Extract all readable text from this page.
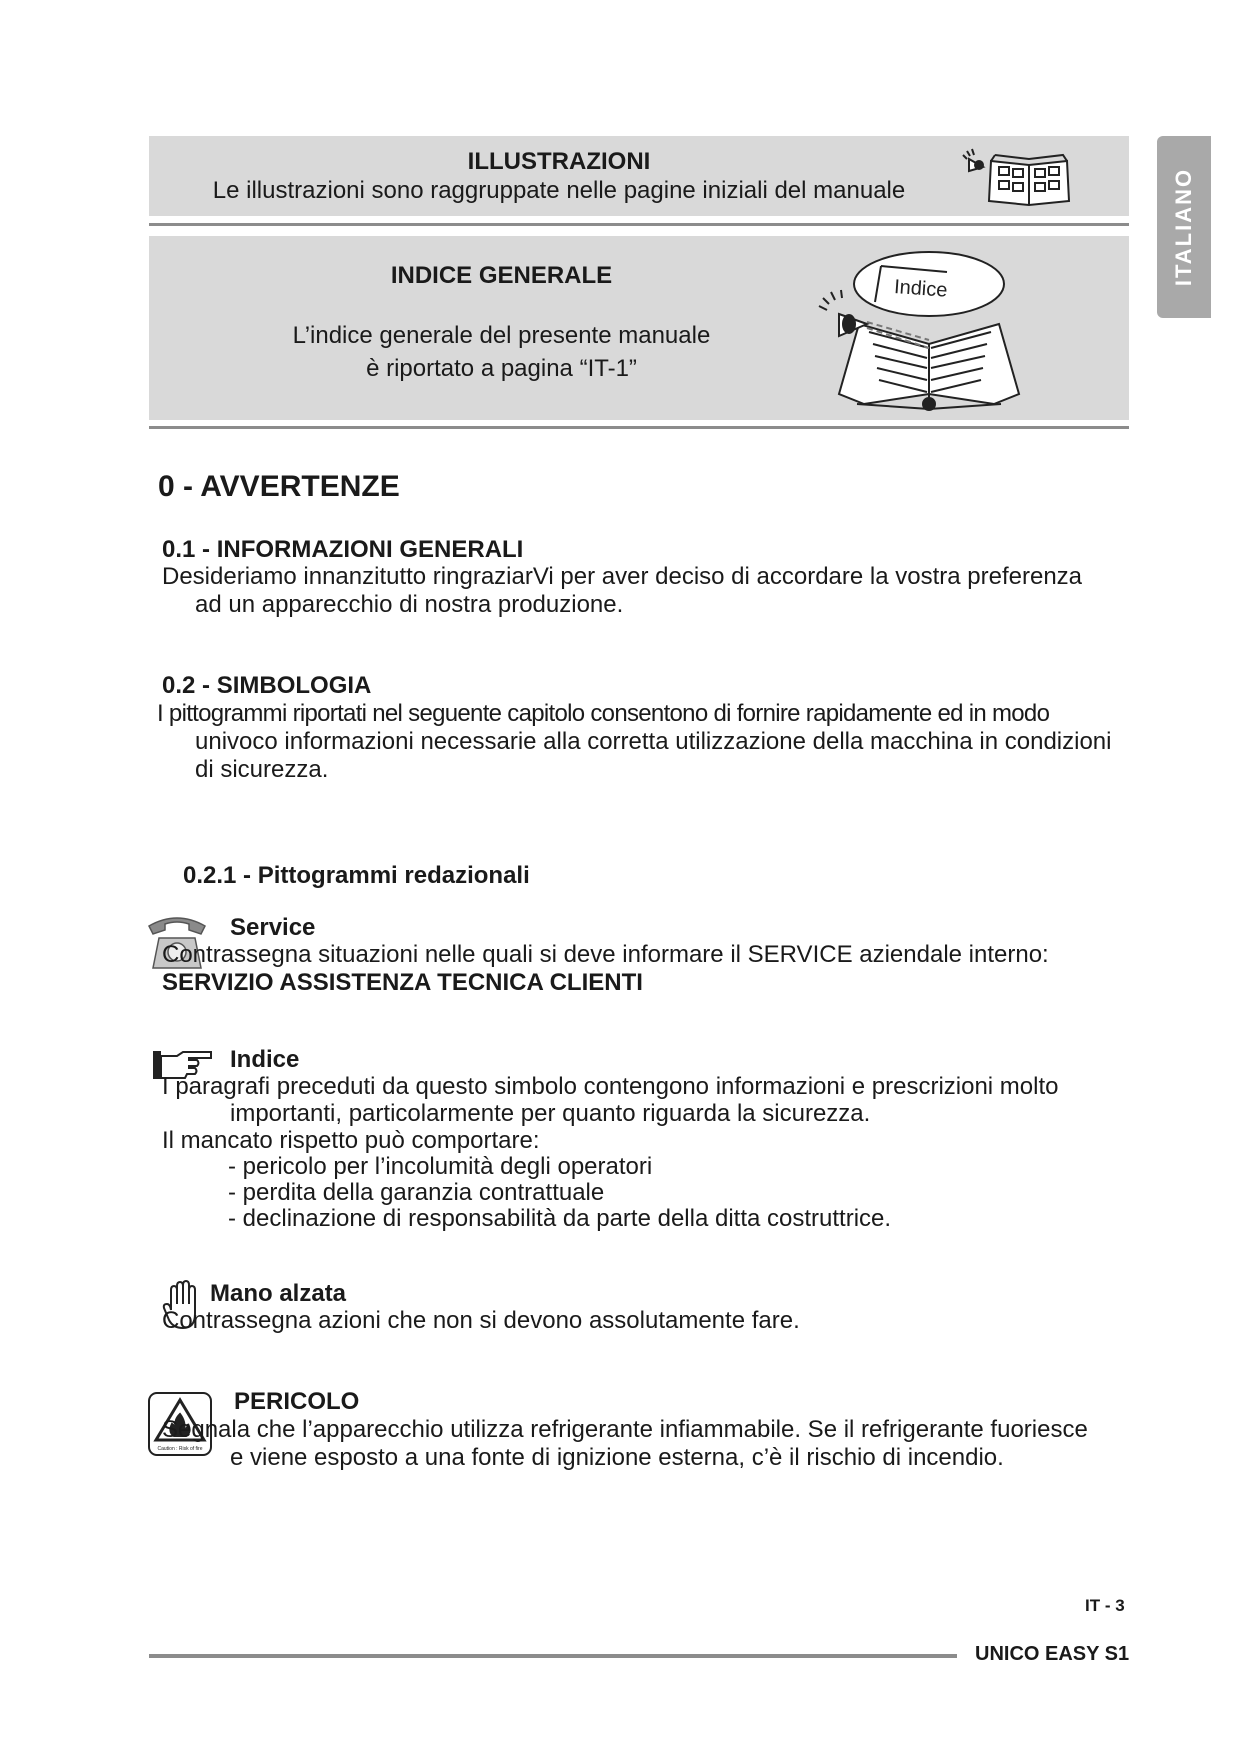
ITALIANO
ILLUSTRAZIONI
Le illustrazioni sono raggruppate nelle pagine iniziali del manuale
INDICE GENERALE
L’indice generale del presente manuale
è riportato a pagina “IT-1”
Indice
0 - AVVERTENZE
0.1 - INFORMAZIONI GENERALI
Desideriamo innanzitutto ringraziarVi per aver deciso di accordare la vostra preferenza
ad un apparecchio di nostra produzione.
0.2 - SIMBOLOGIA
I pittogrammi riportati nel seguente capitolo consentono di fornire rapidamente ed in modo
univoco informazioni necessarie alla corretta utilizzazione della macchina in condizioni
di sicurezza.
0.2.1 - Pittogrammi redazionali
Service
Contrassegna situazioni nelle quali si deve informare il SERVICE aziendale interno:
SERVIZIO ASSISTENZA TECNICA CLIENTI
Indice
I paragrafi preceduti da questo simbolo contengono informazioni e prescrizioni molto
importanti, particolarmente per quanto riguarda la sicurezza.
Il mancato rispetto può comportare:
- pericolo per l’incolumità degli operatori
- perdita della garanzia contrattuale
- declinazione di responsabilità da parte della ditta costruttrice.
Mano alzata
Contrassegna azioni che non si devono assolutamente fare.
Caution : Risk of fire
PERICOLO
Segnala che l’apparecchio utilizza refrigerante infiammabile. Se il refrigerante fuoriesce
e viene esposto a una fonte di ignizione esterna, c’è il rischio di incendio.
IT - 3
UNICO EASY S1
